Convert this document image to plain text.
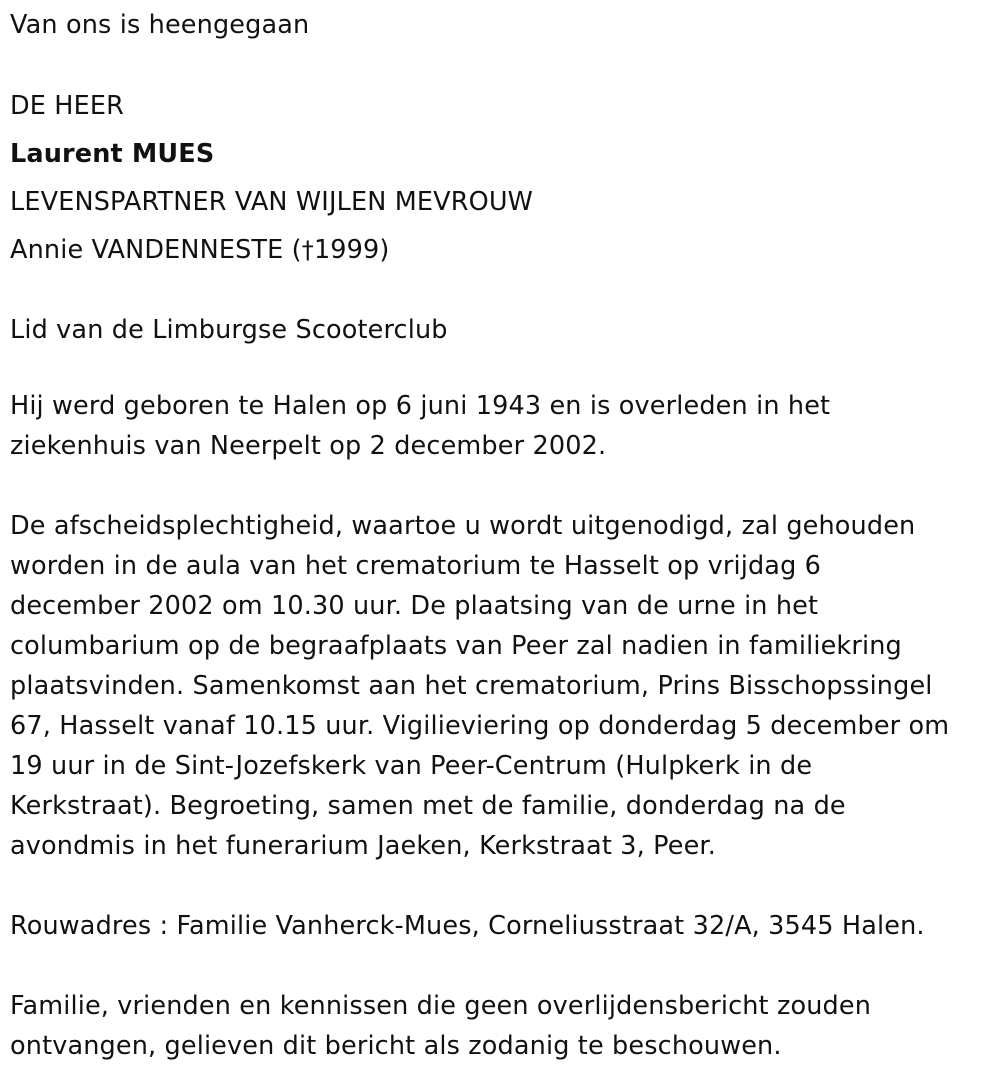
Van ons is heengegaan
DE HEER
Laurent MUES
LEVENSPARTNER VAN WIJLEN MEVROUW
Annie VANDENNESTE (†1999)
Lid van de Limburgse Scooterclub
Hij werd geboren te Halen op 6 juni 1943 en is overleden in het
ziekenhuis van Neerpelt op 2 december 2002.
De afscheidsplechtigheid, waartoe u wordt uitgenodigd, zal gehouden
worden in de aula van het crematorium te Hasselt op vrijdag 6
december 2002 om 10.30 uur. De plaatsing van de urne in het
columbarium op de begraafplaats van Peer zal nadien in familiekring
plaatsvinden. Samenkomst aan het crematorium, Prins Bisschopssingel
67, Hasselt vanaf 10.15 uur. Vigilieviering op donderdag 5 december om
19 uur in de Sint-Jozefskerk van Peer-Centrum (Hulpkerk in de
Kerkstraat). Begroeting, samen met de familie, donderdag na de
avondmis in het funerarium Jaeken, Kerkstraat 3, Peer.
Rouwadres : Familie Vanherck-Mues, Corneliusstraat 32/A, 3545 Halen.
Familie, vrienden en kennissen die geen overlijdensbericht zouden
ontvangen, gelieven dit bericht als zodanig te beschouwen.
